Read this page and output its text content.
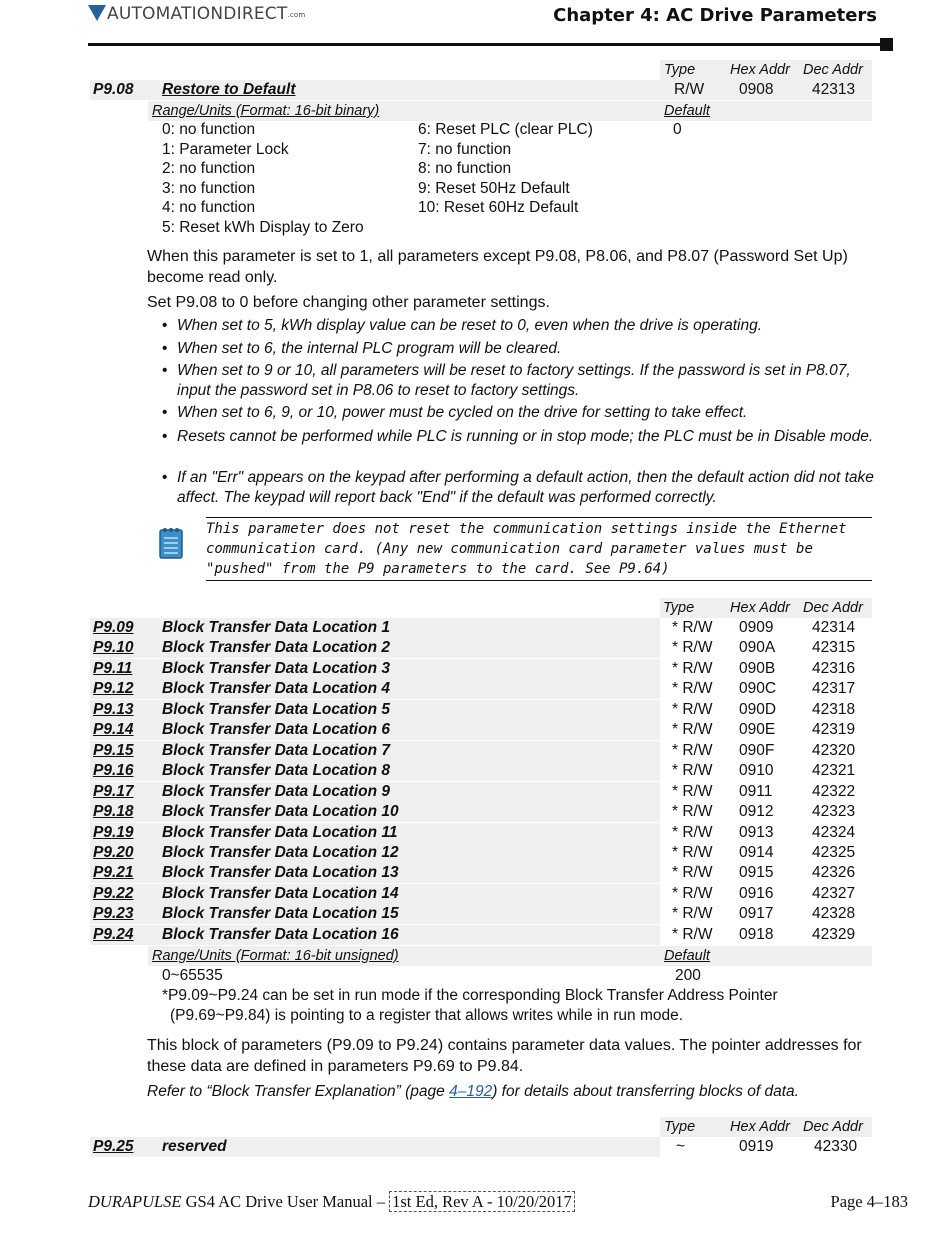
AUTOMATIONDIRECT.com	Chapter 4: AC Drive Parameters
Type Hex Addr Dec Addr
P9.08 Restore to Default	R/W 0908 42313
Range/Units (Format: 16-bit binary)	Default
0: no function
1: Parameter Lock
2: no function
3: no function
4: no function
5: Reset kWh Display to Zero
6: Reset PLC (clear PLC)
7: no function
8: no function
9: Reset 50Hz Default
10: Reset 60Hz Default
0
When this parameter is set to 1, all parameters except P9.08, P8.06, and P8.07 (Password Set Up) become read only.
Set P9.08 to 0 before changing other parameter settings.
• When set to 5, kWh display value can be reset to 0, even when the drive is operating.
• When set to 6, the internal PLC program will be cleared.
• When set to 9 or 10, all parameters will be reset to factory settings. If the password is set in P8.07, input the password set in P8.06 to reset to factory settings.
• When set to 6, 9, or 10, power must be cycled on the drive for setting to take effect.
• Resets cannot be performed while PLC is running or in stop mode; the PLC must be in Disable mode.
• If an "Err" appears on the keypad after performing a default action, then the default action did not take affect. The keypad will report back "End" if the default was performed correctly.
This parameter does not reset the communication settings inside the Ethernet communication card. (Any new communication card parameter values must be "pushed" from the P9 parameters to the card. See P9.64)
Type Hex Addr Dec Addr
P9.09 Block Transfer Data Location 1	* R/W 0909 42314
P9.10 Block Transfer Data Location 2	* R/W 090A 42315
P9.11 Block Transfer Data Location 3	* R/W 090B 42316
P9.12 Block Transfer Data Location 4	* R/W 090C 42317
P9.13 Block Transfer Data Location 5	* R/W 090D 42318
P9.14 Block Transfer Data Location 6	* R/W 090E 42319
P9.15 Block Transfer Data Location 7	* R/W 090F 42320
P9.16 Block Transfer Data Location 8	* R/W 0910 42321
P9.17 Block Transfer Data Location 9	* R/W 0911	42322
P9.18 Block Transfer Data Location 10	* R/W 0912 42323
P9.19 Block Transfer Data Location 11	* R/W 0913 42324
P9.20 Block Transfer Data Location 12	* R/W 0914 42325
P9.21 Block Transfer Data Location 13	* R/W 0915 42326
P9.22 Block Transfer Data Location 14	* R/W 0916 42327
P9.23 Block Transfer Data Location 15	* R/W 0917 42328
P9.24 Block Transfer Data Location 16	* R/W 0918 42329
Range/Units (Format: 16-bit unsigned)	Default
0~65535	200
*P9.09~P9.24 can be set in run mode if the corresponding Block Transfer Address Pointer
(P9.69~P9.84) is pointing to a register that allows writes while in run mode.
This block of parameters (P9.09 to P9.24) contains parameter data values. The pointer addresses for these data are defined in parameters P9.69 to P9.84.
Refer to “Block Transfer Explanation” (page 4–192) for details about transferring blocks of data.
Type Hex Addr Dec Addr
P9.25 reserved	~	0919	42330
DURAPULSE GS4 AC Drive User Manual – 1st Ed, Rev A - 10/20/2017	Page 4–183
